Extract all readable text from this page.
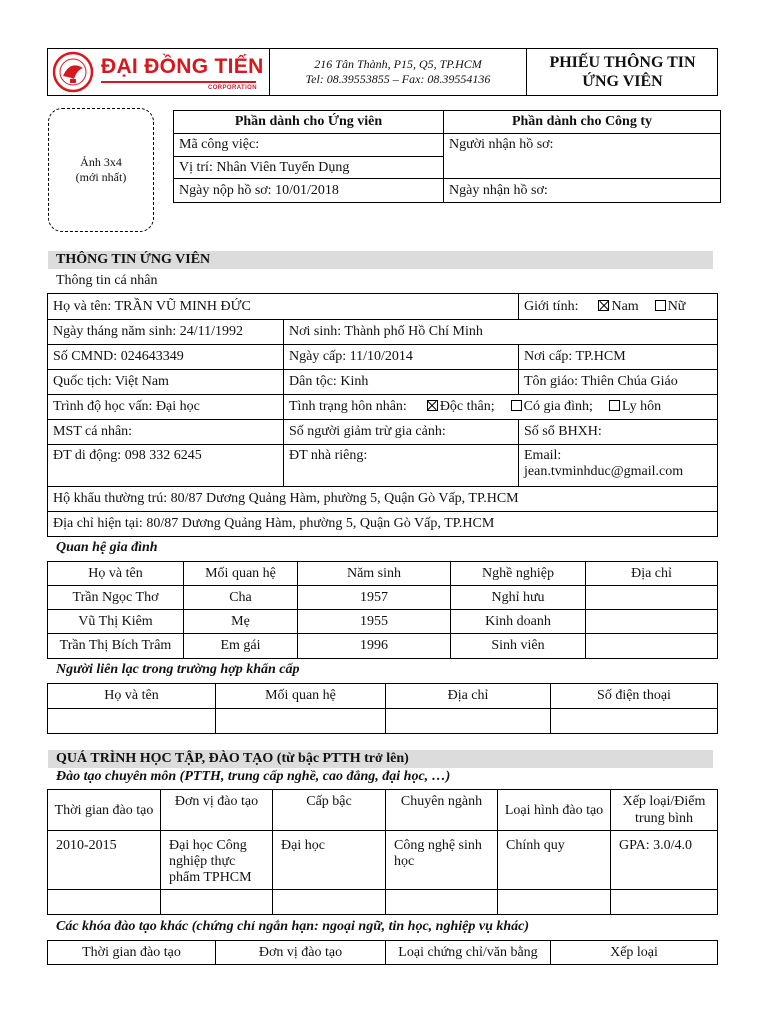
ĐẠI ĐỒNG TIẾN
CORPORATION
216 Tân Thành, P15, Q5, TP.HCM
Tel: 08.39553855 – Fax: 08.39554136
PHIẾU THÔNG TIN ỨNG VIÊN
Ảnh 3x4
(mới nhất)
Phần dành cho Ứng viên	Phần dành cho Công ty
Mã công việc:	Người nhận hồ sơ:
Vị trí: Nhân Viên Tuyển Dụng	
Ngày nộp hồ sơ: 10/01/2018	Ngày nhận hồ sơ:
THÔNG TIN ỨNG VIÊN
Thông tin cá nhân
Họ và tên: TRẦN VŨ MINH ĐỨC		Giới tính: Nam Nữ
Ngày tháng năm sinh: 24/11/1992	Nơi sinh: Thành phố Hồ Chí Minh	
Số CMND: 024643349	Ngày cấp: 11/10/2014	Nơi cấp: TP.HCM
Quốc tịch: Việt Nam	Dân tộc: Kinh	Tôn giáo: Thiên Chúa Giáo
Trình độ học vấn: Đại học	Tình trạng hôn nhân: Độc thân; Có gia đình; Ly hôn	
MST cá nhân:	Số người giảm trừ gia cảnh:	Số sổ BHXH:
ĐT di động: 098 332 6245	ĐT nhà riêng:	Email:
jean.tvminhduc@gmail.com

Hộ khẩu thường trú: 80/87 Dương Quảng Hàm, phường 5, Quận Gò Vấp, TP.HCM		
Địa chỉ hiện tại: 80/87 Dương Quảng Hàm, phường 5, Quận Gò Vấp, TP.HCM		
Quan hệ gia đình
Họ và tên	Mối quan hệ	Năm sinh	Nghề nghiệp	Địa chỉ
Trần Ngọc Thơ	Cha	1957	Nghỉ hưu	
Vũ Thị Kiêm	Mẹ	1955	Kinh doanh	
Trần Thị Bích Trâm	Em gái	1996	Sinh viên	
Người liên lạc trong trường hợp khẩn cấp
Họ và tên	Mối quan hệ	Địa chỉ	Số điện thoại

QUÁ TRÌNH HỌC TẬP, ĐÀO TẠO (từ bậc PTTH trở lên)
Đào tạo chuyên môn (PTTH, trung cấp nghề, cao đẳng, đại học, …)
Thời gian đào tạo	Đơn vị đào tạo	Cấp bậc	Chuyên ngành	Loại hình đào tạo	Xếp loại/Điểm trung bình
2010-2015	Đại học Công nghiệp thực phẩm TPHCM	Đại học	Công nghệ sinh học	Chính quy	GPA: 3.0/4.0

Các khóa đào tạo khác (chứng chỉ ngắn hạn: ngoại ngữ, tin học, nghiệp vụ khác)
Thời gian đào tạo	Đơn vị đào tạo	Loại chứng chỉ/văn bằng	Xếp loại
